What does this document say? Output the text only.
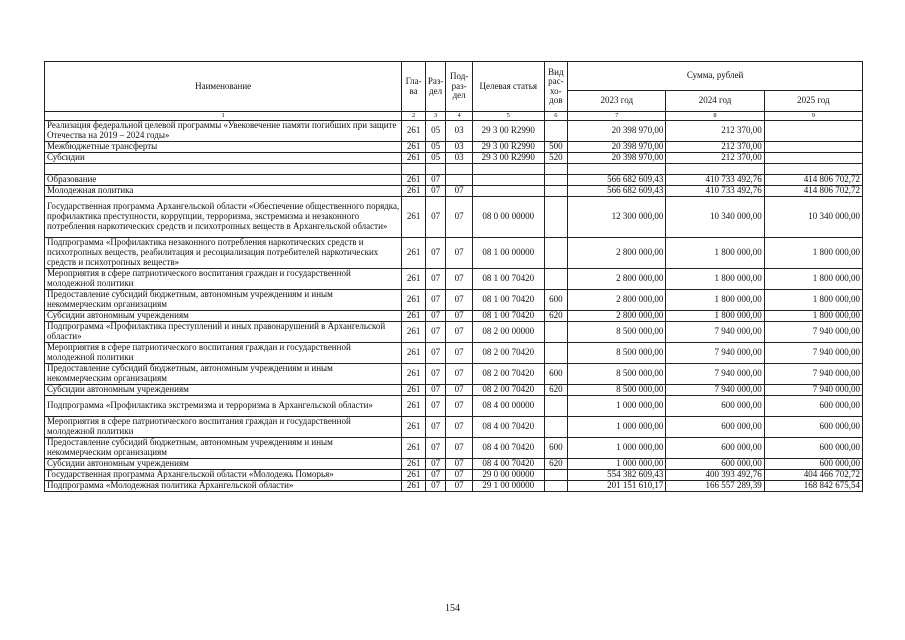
Наименование	Гла-ва	Раз-дел	Под-раз-дел	Целевая статья	Вид рас-хо-дов	Сумма, рублей		
						2023 год	2024 год	2025 год
1	2	3	4	5	6	7	8	9
Реализация федеральной целевой программы «Увековечение памяти погибших при защите Отечества на 2019 – 2024 годы»	261	05	03	29 3 00 R2990		20 398 970,00	212 370,00	
Межбюджетные трансферты	261	05	03	29 3 00 R2990	500	20 398 970,00	212 370,00	
Субсидии	261	05	03	29 3 00 R2990	520	20 398 970,00	212 370,00	

Образование	261	07				566 682 609,43	410 733 492,76	414 806 702,72
Молодежная политика	261	07	07			566 682 609,43	410 733 492,76	414 806 702,72
Государственная программа Архангельской области «Обеспечение общественного порядка, профилактика преступности, коррупции, терроризма, экстремизма и незаконного потребления наркотических средств и психотропных веществ в Архангельской области»	261	07	07	08 0 00 00000		12 300 000,00	10 340 000,00	10 340 000,00
Подпрограмма «Профилактика незаконного потребления наркотических средств и психотропных веществ, реабилитация и ресоциализация потребителей наркотических средств и психотропных веществ»	261	07	07	08 1 00 00000		2 800 000,00	1 800 000,00	1 800 000,00
Мероприятия в сфере патриотического воспитания граждан и государственной молодежной политики	261	07	07	08 1 00 70420		2 800 000,00	1 800 000,00	1 800 000,00
Предоставление субсидий бюджетным, автономным учреждениям и иным некоммерческим организациям	261	07	07	08 1 00 70420	600	2 800 000,00	1 800 000,00	1 800 000,00
Субсидии автономным учреждениям	261	07	07	08 1 00 70420	620	2 800 000,00	1 800 000,00	1 800 000,00
Подпрограмма «Профилактика преступлений и иных правонарушений в Архангельской области»	261	07	07	08 2 00 00000		8 500 000,00	7 940 000,00	7 940 000,00
Мероприятия в сфере патриотического воспитания граждан и государственной молодежной политики	261	07	07	08 2 00 70420		8 500 000,00	7 940 000,00	7 940 000,00
Предоставление субсидий бюджетным, автономным учреждениям и иным некоммерческим организациям	261	07	07	08 2 00 70420	600	8 500 000,00	7 940 000,00	7 940 000,00
Субсидии автономным учреждениям	261	07	07	08 2 00 70420	620	8 500 000,00	7 940 000,00	7 940 000,00
Подпрограмма «Профилактика экстремизма и терроризма в Архангельской области»	261	07	07	08 4 00 00000		1 000 000,00	600 000,00	600 000,00
Мероприятия в сфере патриотического воспитания граждан и государственной молодежной политики	261	07	07	08 4 00 70420		1 000 000,00	600 000,00	600 000,00
Предоставление субсидий бюджетным, автономным учреждениям и иным некоммерческим организациям	261	07	07	08 4 00 70420	600	1 000 000,00	600 000,00	600 000,00
Субсидии автономным учреждениям	261	07	07	08 4 00 70420	620	1 000 000,00	600 000,00	600 000,00
Государственная программа Архангельской области «Молодежь Поморья»	261	07	07	29 0 00 00000		554 382 609,43	400 393 492,76	404 466 702,72
Подпрограмма «Молодежная политика Архангельской области»	261	07	07	29 1 00 00000		201 151 610,17	166 557 289,39	168 842 675,54
154
